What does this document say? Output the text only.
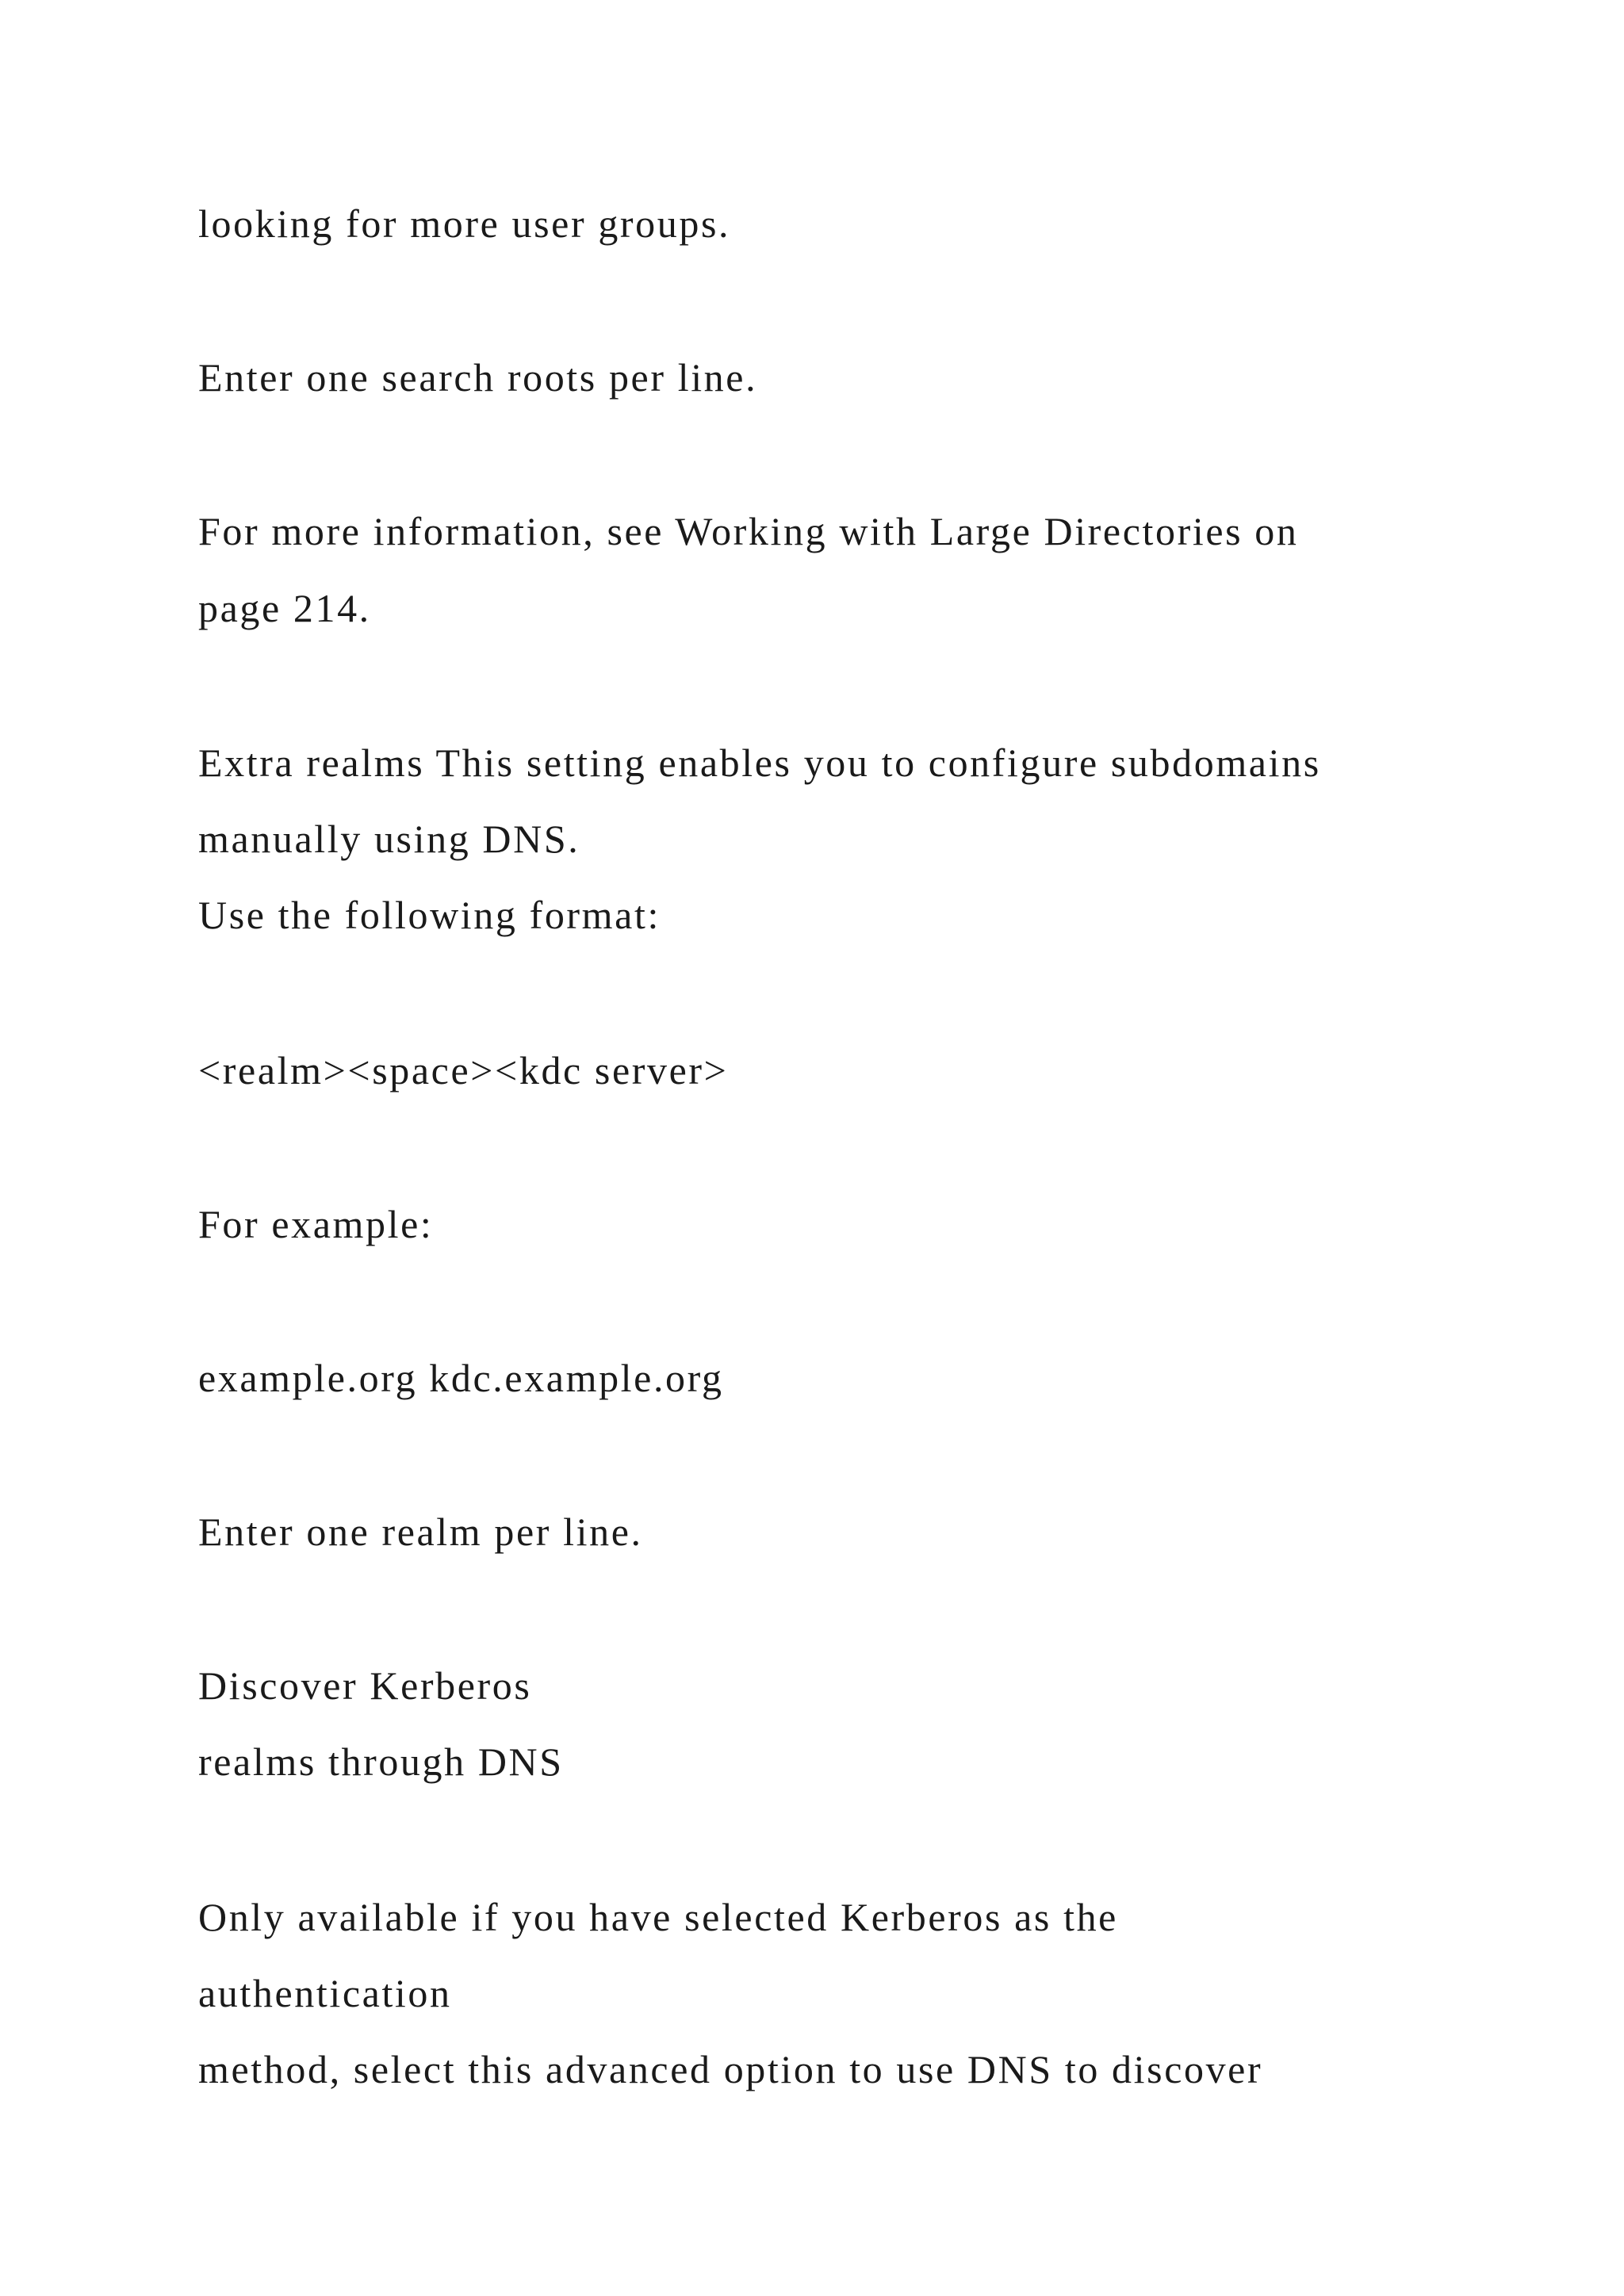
looking for more user groups.
Enter one search roots per line.
For more information, see Working with Large Directories on
page 214.
Extra realms This setting enables you to configure subdomains
manually using DNS.
Use the following format:
<realm><space><kdc server>
For example:
example.org kdc.example.org
Enter one realm per line.
Discover Kerberos
realms through DNS
Only available if you have selected Kerberos as the
authentication
method, select this advanced option to use DNS to discover
